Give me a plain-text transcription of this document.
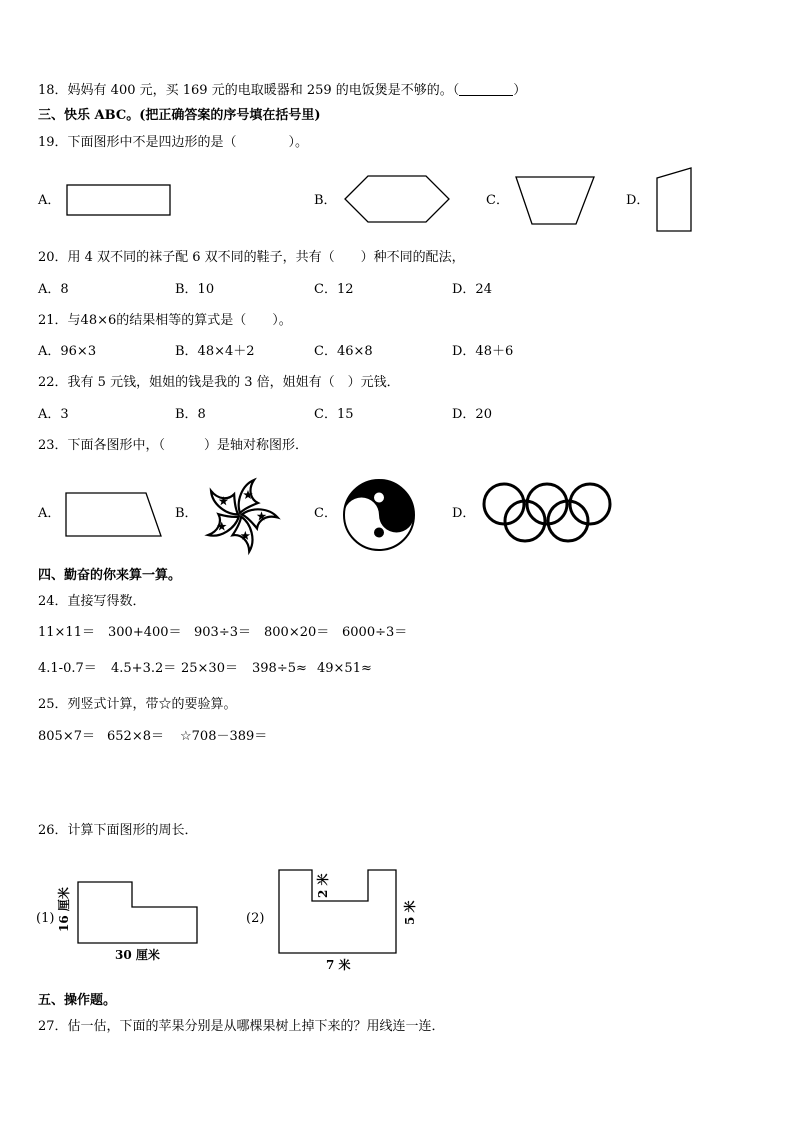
18．妈妈有 400 元，买 169 元的电取暖器和 259 的电饭煲是不够的。（	）
三、快乐 ABC。(把正确答案的序号填在括号里)
19．下面图形中不是四边形的是（　　　　）。
A．	B．	C．	D．
20．用 4 双不同的袜子配 6 双不同的鞋子，共有（　　）种不同的配法，
A．8	B．10	C．12	D．24
21．与48×6的结果相等的算式是（　　）。
A．96×3	B．48×4＋2	C．46×8	D．48＋6
22．我有 5 元钱，姐姐的钱是我的 3 倍，姐姐有（　）元钱．
A．3	B．8	C．15	D．20
23．下面各图形中，（　　　）是轴对称图形．
A．	B．	C．	D．
四、勤奋的你来算一算。
24．直接写得数．
11×11＝ 300+400＝ 903÷3＝ 800×20＝ 6000÷3＝
4.1-0.7＝ 4.5+3.2＝ 25×30＝ 398÷5≈ 49×51≈
25．列竖式计算，带☆的要验算。
805×7＝ 652×8＝ ☆708－389＝
26．计算下面图形的周长．
(1) 16 厘米
30 厘米
(2)
2 米
5 米
7 米
五、操作题。
27．估一估，下面的苹果分别是从哪棵果树上掉下来的？用线连一连．
